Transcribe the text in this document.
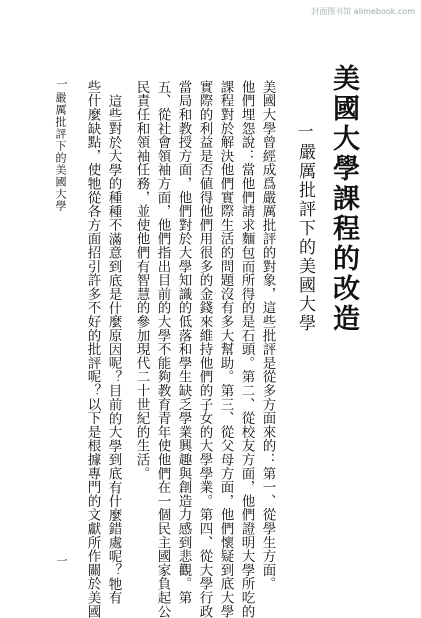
封面图书馆 alimebook.com
美國大學課程的改造
一
嚴厲批評下的美國大學
美國大學曾經成爲嚴厲批評的對象，這些批評是從多方面來的：第一、從學生方面。
他們埋怨說：當他們請求麵包而所得的是石頭。第二、從校友方面，他們證明大學所吃的
課程對於解決他們實際生活的問題沒有多大幫助。第三、從父母方面，他們懷疑到底大學
實際的利益是否値得他們用很多的金錢來維持他們的子女的大學學業。第四、從大學行政
當局和教授方面，他們對於大學知識的低落和學生缺乏學業興趣與創造力感到悲觀。第
五、從社會領袖方面，他們指出目前的大學不能夠教育青年使他們在一個民主國家負起公
民責任和領袖任務，並使他們有智慧的參加現代二十世紀的生活。
這些對於大學的種種不滿意到底是什麼原因呢？目前的大學到底有什麼錯處呢？牠有
些什麼缺點，使牠從各方面招引許多不好的批評呢？以下是根據專門的文獻所作關於美國
一
嚴厲批評下的美國大學
一
